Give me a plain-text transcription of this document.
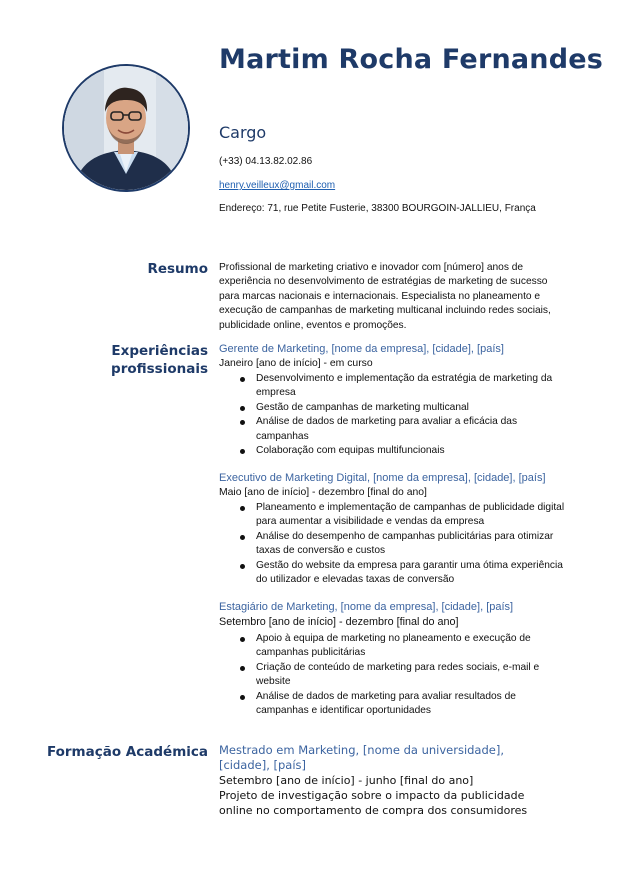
Martim Rocha Fernandes
Cargo
(+33) 04.13.82.02.86
henry.veilleux@gmail.com
Endereço: 71, rue Petite Fusterie, 38300 BOURGOIN-JALLIEU, França
Resumo Profissional de marketing criativo e inovador com [número] anos de experiência no desenvolvimento de estratégias de marketing de sucesso para marcas nacionais e internacionais. Especialista no planeamento e execução de campanhas de marketing multicanal incluindo redes sociais, publicidade online, eventos e promoções.
Experiências profissionais
Gerente de Marketing, [nome da empresa], [cidade], [país]
Janeiro [ano de início] - em curso
Desenvolvimento e implementação da estratégia de marketing da empresa
Gestão de campanhas de marketing multicanal
Análise de dados de marketing para avaliar a eficácia das campanhas
Colaboração com equipas multifuncionais
Executivo de Marketing Digital, [nome da empresa], [cidade], [país]
Maio [ano de início] - dezembro [final do ano]
Planeamento e implementação de campanhas de publicidade digital para aumentar a visibilidade e vendas da empresa
Análise do desempenho de campanhas publicitárias para otimizar taxas de conversão e custos
Gestão do website da empresa para garantir uma ótima experiência do utilizador e elevadas taxas de conversão
Estagiário de Marketing, [nome da empresa], [cidade], [país]
Setembro [ano de início] - dezembro [final do ano]
Apoio à equipa de marketing no planeamento e execução de campanhas publicitárias
Criação de conteúdo de marketing para redes sociais, e-mail e website
Análise de dados de marketing para avaliar resultados de campanhas e identificar oportunidades
Formação Académica Mestrado em Marketing, [nome da universidade], [cidade], [país]
Setembro [ano de início] - junho [final do ano]
Projeto de investigação sobre o impacto da publicidade online no comportamento de compra dos consumidores
